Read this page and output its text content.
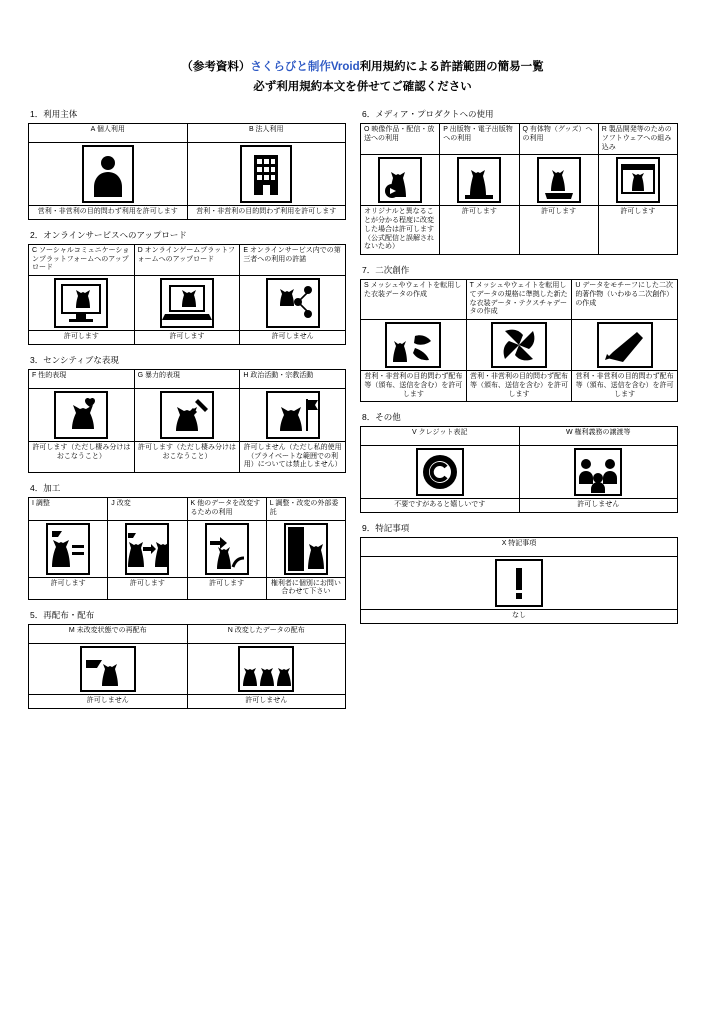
（参考資料）さくらびと制作Vroid利用規約による許諾範囲の簡易一覧
必ず利用規約本文を併せてご確認ください
1．利用主体
A 個人利用	B 法人利用

営利・非営利の目的問わず利用を許可します	営利・非営利の目的問わず利用を許可します
2．オンラインサービスへのアップロード
C ソーシャルコミュニケーションプラットフォームへのアップロード	D オンラインゲームプラットフォームへのアップロード	E オンラインサービス内での第三者への利用の許諾

許可します	許可します	許可しません
3．センシティブな表現
F 性的表現	G 暴力的表現	H 政治活動・宗教活動

許可します（ただし棲み分けはおこなうこと）	許可します（ただし棲み分けはおこなうこと）	許可しません（ただし私的使用（プライベートな範囲での利用）については禁止しません）
4．加工
I 調整	J 改変	K 他のデータを改変するための利用	L 調整・改変の外部委託

許可します	許可します	許可します	権利者に個別にお問い合わせて下さい
5．再配布・配布
M 未改変状態での再配布	N 改変したデータの配布

許可しません	許可しません
6．メディア・プロダクトへの使用
O 映像作品・配信・放送への利用	P 出版物・電子出版物への利用	Q 有体物（グッズ）への利用	R 製品開発等のためのソフトウェアへの組み込み

オリジナルと異なることが分かる程度に改変した場合は許可します（公式配信と誤解されないため）	許可します	許可します	許可します
7．二次創作
S メッシュやウェイトを転用した衣装データの作成	T メッシュやウェイトを転用してデータの規格に準拠した新たな衣装データ・テクスチャデータの作成	U データをモチーフにした二次的著作物（いわゆる二次創作）の作成

営利・非営利の目的問わず配布等（頒布、送信を含む）を許可します	営利・非営利の目的問わず配布等（頒布、送信を含む）を許可します	営利・非営利の目的問わず配布等（頒布、送信を含む）を許可します
8．その他
V クレジット表記	W 権利義務の譲渡等

不要ですがあると嬉しいです	許可しません
9．特記事項
X 特記事項

なし
